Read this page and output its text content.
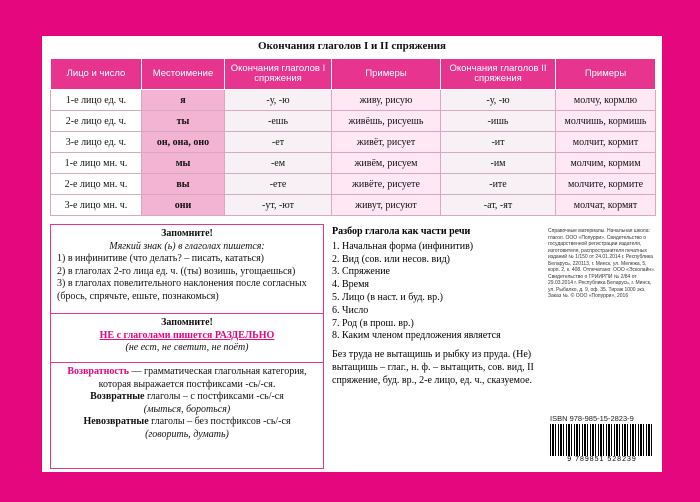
Окончания глаголов I и II спряжения
Лицо и число	Местоимение	Окончания глаголов I спряжения	Примеры	Окончания глаголов II спряжения	Примеры
1-е лицо ед. ч.	я	-у, -ю	живу, рисую	-у, -ю	молчу, кормлю
2-е лицо ед. ч.	ты	-ешь	живёшь, рисуешь	-ишь	молчишь, кормишь
3-е лицо ед. ч.	он, она, оно	-ет	живёт, рисует	-ит	молчит, кормит
1-е лицо мн. ч.	мы	-ем	живём, рисуем	-им	молчим, кормим
2-е лицо мн. ч.	вы	-ете	живёте, рисуете	-ите	молчите, кормите
3-е лицо мн. ч.	они	-ут, -ют	живут, рисуют	-ат, -ят	молчат, кормят
Запомните!
Мягкий знак (ь) в глаголах пишется:
1) в инфинитиве (что делать? – писать, кататься)
2) в глаголах 2-го лица ед. ч. ((ты) возишь, угощаешься)
3) в глаголах повелительного наклонения после согласных (брось, спрячьте, ешьте, познакомься)
Запомните!
НЕ с глаголами пишется РАЗДЕЛЬНО
(не ест, не светит, не поёт)
Возвратность — грамматическая глагольная категория, которая выражается постфиксами -сь/-ся.
Возвратные глаголы – с постфиксами -сь/-ся
(мыться, бороться)
Невозвратные глаголы – без постфиксов -сь/-ся
(говорить, думать)
Разбор глагола как части речи
1. Начальная форма (инфинитив)
2. Вид (сов. или несов. вид)
3. Спряжение
4. Время
5. Лицо (в наст. и буд. вр.)
6. Число
7. Род (в прош. вр.)
8. Каким членом предложения является
Без труда не вытащишь и рыбку из пруда. (Не) вытащишь – глаг., н. ф. – вытащить, сов. вид, II спряжение, буд. вр., 2-е лицо, ед. ч., сказуемое.
Справочные материалы. Начальная школа: глагол. ООО «Попурри». Свидетельство о государственной регистрации издателя, изготовителя, распространителя печатных изданий № 1/150 от 24.01.2014 г. Республика Беларусь, 220113, г. Минск, ул. Мележа, 5, корп. 2, к. 408. Отпечатано: ООО «Эсколайн». Свидетельство о ГРИИРПИ № 2/84 от 29.03.2014 г. Республика Беларусь, г. Минск, ул. Рыбалко, д. 9, оф. 35. Тираж 1000 экз. Заказ №. © ООО «Попурри», 2016
ISBN 978-985-15-2823-9
9 789851 528239
